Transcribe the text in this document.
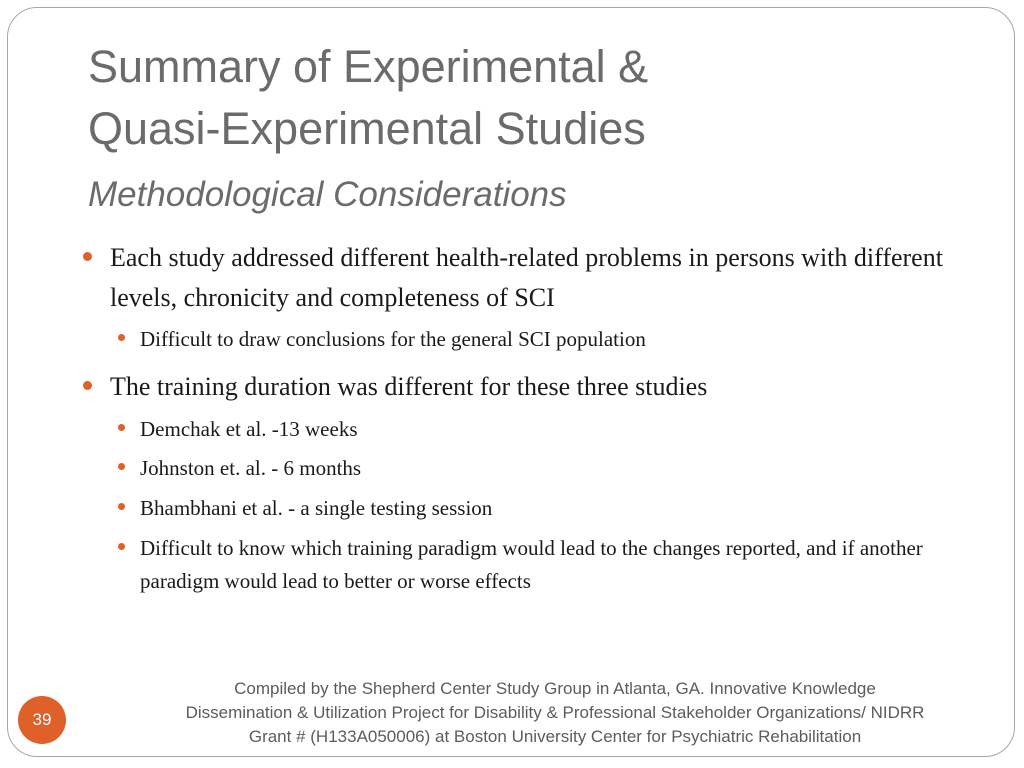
Summary of Experimental &
Quasi-Experimental Studies
Methodological Considerations
Each study addressed different health-related problems in persons with different levels, chronicity and completeness of SCI
Difficult to draw conclusions for the general SCI population
The training duration was different for these three studies
Demchak et al. -13 weeks
Johnston et. al. - 6 months
Bhambhani et al. - a single testing session
Difficult to know which training paradigm would lead to the changes reported, and if another paradigm would lead to better or worse effects
Compiled by the Shepherd Center Study Group in Atlanta, GA. Innovative Knowledge
Dissemination & Utilization Project for Disability & Professional Stakeholder Organizations/ NIDRR
Grant # (H133A050006) at Boston University Center for Psychiatric Rehabilitation
39
